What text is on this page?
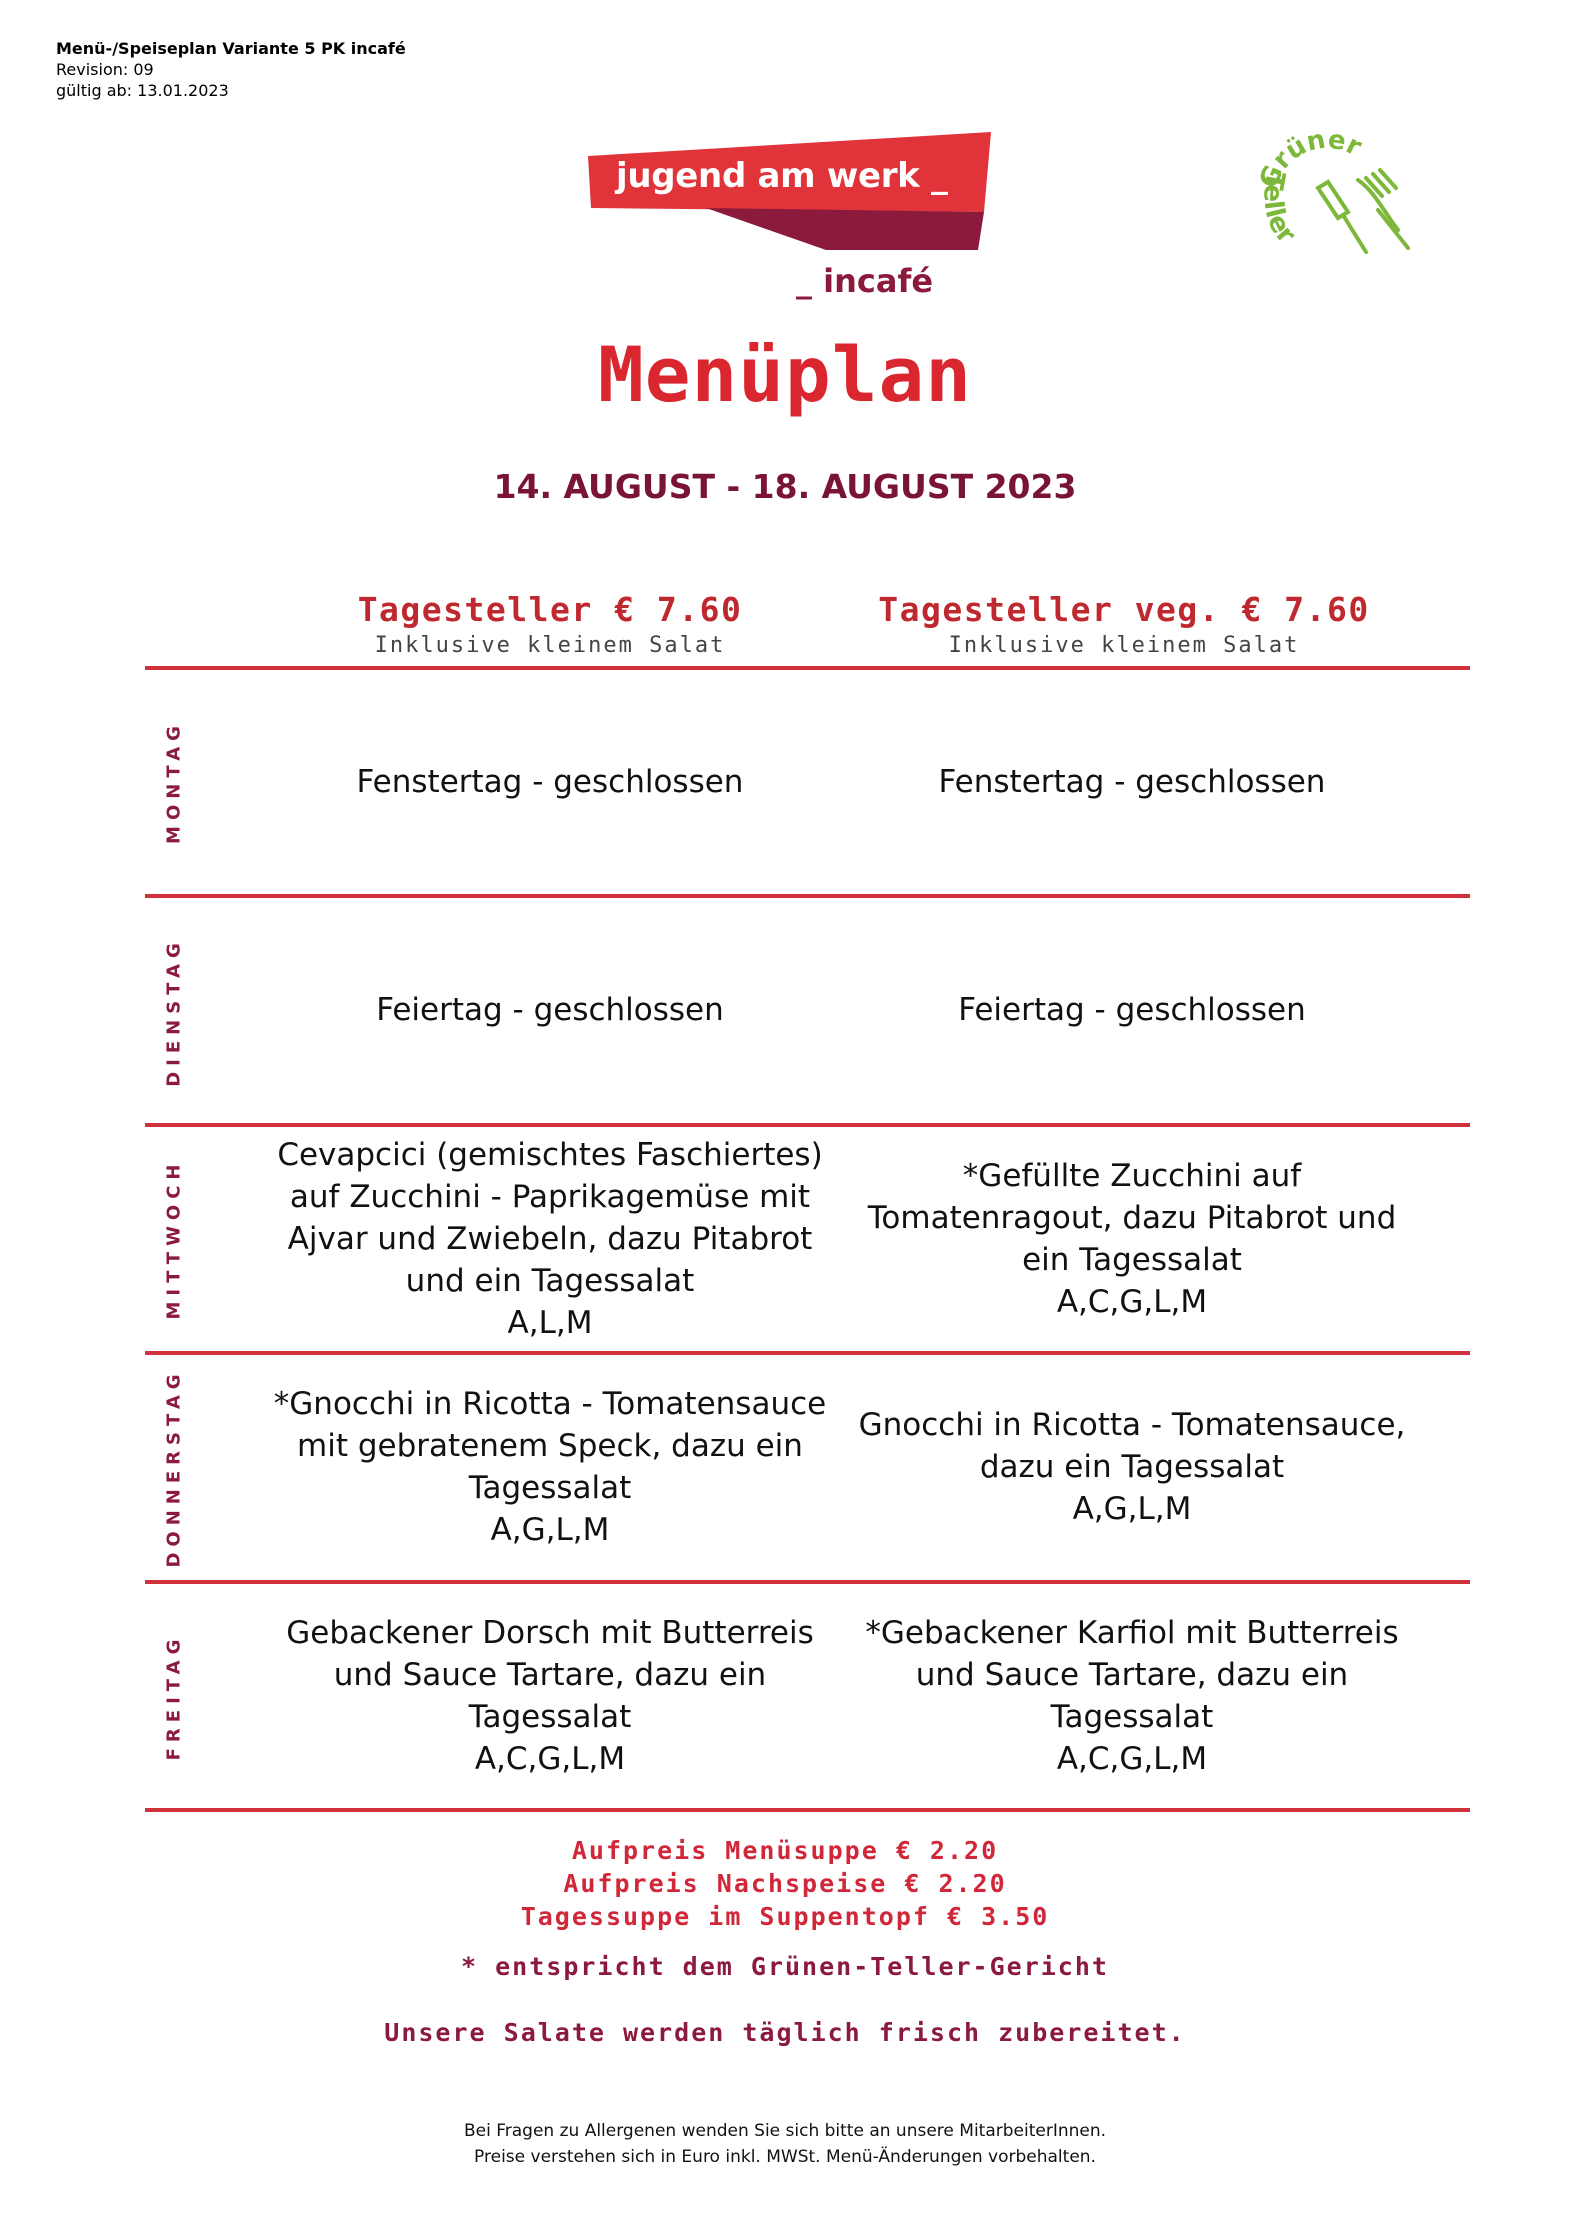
Menü-/Speiseplan Variante 5 PK incafé
Revision: 09
gültig ab: 13.01.2023
jugend am werk _
_ incafé
rüner
Teller
Menüplan
14. AUGUST - 18. AUGUST 2023
Tagesteller € 7.60
Inklusive kleinem Salat
Tagesteller veg. € 7.60
Inklusive kleinem Salat
MONTAG
DIENSTAG
MITTWOCH
DONNERSTAG
FREITAG
Fenstertag - geschlossen	Fenstertag - geschlossen
Feiertag - geschlossen	Feiertag - geschlossen
Cevapcici (gemischtes Faschiertes)
auf Zucchini - Paprikagemüse mit
Ajvar und Zwiebeln, dazu Pitabrot
und ein Tagessalat
A,L,M
*Gefüllte Zucchini auf
Tomatenragout, dazu Pitabrot und
ein Tagessalat
A,C,G,L,M
*Gnocchi in Ricotta - Tomatensauce
mit gebratenem Speck, dazu ein
Tagessalat
A,G,L,M
Gnocchi in Ricotta - Tomatensauce,
dazu ein Tagessalat
A,G,L,M
Gebackener Dorsch mit Butterreis
und Sauce Tartare, dazu ein
Tagessalat
A,C,G,L,M
*Gebackener Karfiol mit Butterreis
und Sauce Tartare, dazu ein
Tagessalat
A,C,G,L,M
Aufpreis Menüsuppe € 2.20
Aufpreis Nachspeise € 2.20
Tagessuppe im Suppentopf € 3.50
* entspricht dem Grünen-Teller-Gericht
Unsere Salate werden täglich frisch zubereitet.
Bei Fragen zu Allergenen wenden Sie sich bitte an unsere MitarbeiterInnen.
Preise verstehen sich in Euro inkl. MWSt. Menü-Änderungen vorbehalten.
